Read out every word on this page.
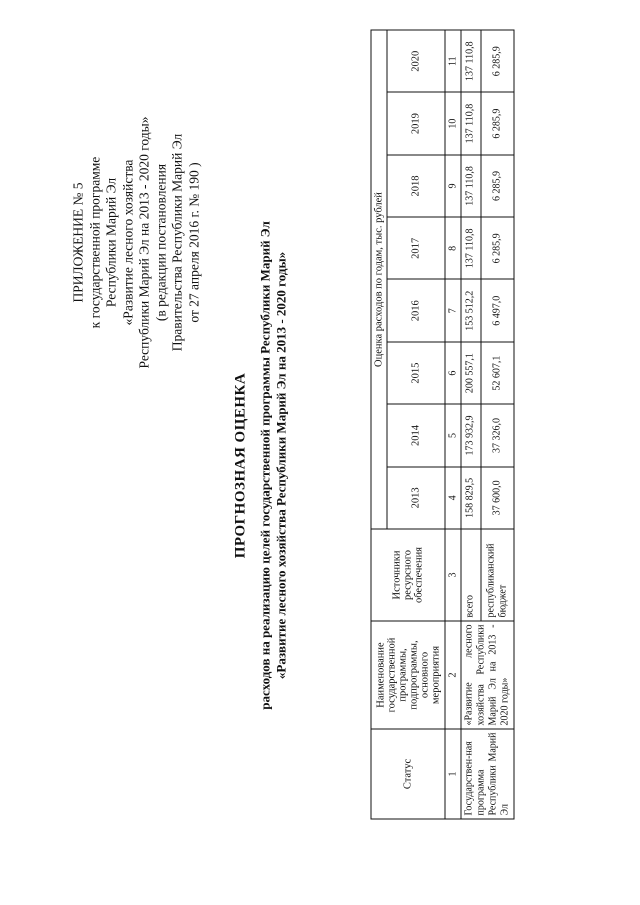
ПРИЛОЖЕНИЕ № 5 к государственной программе Республики Марий Эл «Развитие лесного хозяйства Республики Марий Эл на 2013 - 2020 годы» (в редакции постановления Правительства Республики Марий Эл от 27 апреля 2016 г. № 190 )
ПРОГНОЗНАЯ ОЦЕНКА расходов на реализацию целей государственной программы Республики Марий Эл «Развитие лесного хозяйства Республики Марий Эл на 2013 - 2020 годы»
Статус	Наименование государственной программы, подпрограммы, основного мероприятия	Источники ресурсного обеспечения	Оценка расходов по годам, тыс. рублей							
			2013	2014	2015	2016	2017	2018	2019	2020
1	2	3	4	5	6	7	8	9	10	11
Государствен-ная программа Республики Марий Эл	«Развитие лесного хозяйства Республики Марий Эл на 2013 - 2020 годы»	всего	158 829,5	173 932,9	200 557,1	153 512,2	137 110,8	137 110,8	137 110,8	137 110,8
		республиканский бюджет	37 600,0	37 326,0	52 607,1	6 497,0	6 285,9	6 285,9	6 285,9	6 285,9
